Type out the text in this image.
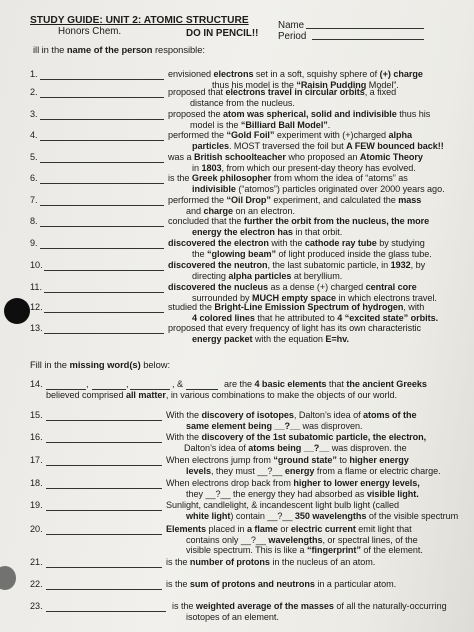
STUDY GUIDE: UNIT 2: ATOMIC STRUCTURE
Honors Chem.	DO IN PENCIL!!
Name
Period
ill in the name of the person responsible:
1.	envisioned electrons set in a soft, squishy sphere of (+) charge
thus his model is the “Raisin Pudding Model”.
2.	proposed that electrons travel in circular orbits, a fixed
distance from the nucleus.
3.	proposed the atom was spherical, solid and indivisible thus his
model is the “Billiard Ball Model”.
4.	performed the “Gold Foil” experiment with (+)charged alpha
particles. MOST traversed the foil but A FEW bounced back!!
5.	was a British schoolteacher who proposed an Atomic Theory
in 1803, from which our present-day theory has evolved.
6.	is the Greek philosopher from whom the idea of “atoms” as
indivisible (“atomos”) particles originated over 2000 years ago.
7.	performed the “Oil Drop” experiment, and calculated the mass
and charge on an electron.
8.	concluded that the further the orbit from the nucleus, the more
energy the electron has in that orbit.
9.	discovered the electron with the cathode ray tube by studying
the “glowing beam” of light produced inside the glass tube.
10.	discovered the neutron, the last subatomic particle, in 1932, by
directing alpha particles at beryllium.
11.	discovered the nucleus as a dense (+) charged central core
surrounded by MUCH empty space in which electrons travel.
12.	studied the Bright-Line Emission Spectrum of hydrogen, with
4 colored lines that he attributed to 4 “excited state” orbits.
13.	proposed that every frequency of light has its own characteristic
energy packet with the equation E=hv.
Fill in the missing word(s) below:
14.	,	,	, &	are the 4 basic elements that the ancient Greeks
believed comprised all matter, in various combinations to make the objects of our world.
15.	With the discovery of isotopes, Dalton’s idea of atoms of the
same element being __?__ was disproven.
16.	With the discovery of the 1st subatomic particle, the electron,
Dalton’s idea of atoms being __?__ was disproven. the
17.	When electrons jump from “ground state” to higher energy
levels, they must __?__ energy from a flame or electric charge.
18.	When electrons drop back from higher to lower energy levels,
they __?__ the energy they had absorbed as visible light.
19.	Sunlight, candlelight, & incandescent light bulb light (called
white light) contain __?__ 350 wavelengths of the visible spectrum
20.	Elements placed in a flame or electric current emit light that
contains only __?__ wavelengths, or spectral lines, of the
visible spectrum. This is like a “fingerprint” of the element.
21.	is the number of protons in the nucleus of an atom.
22.	is the sum of protons and neutrons in a particular atom.
23.	is the weighted average of the masses of all the naturally-occurring
isotopes of an element.
